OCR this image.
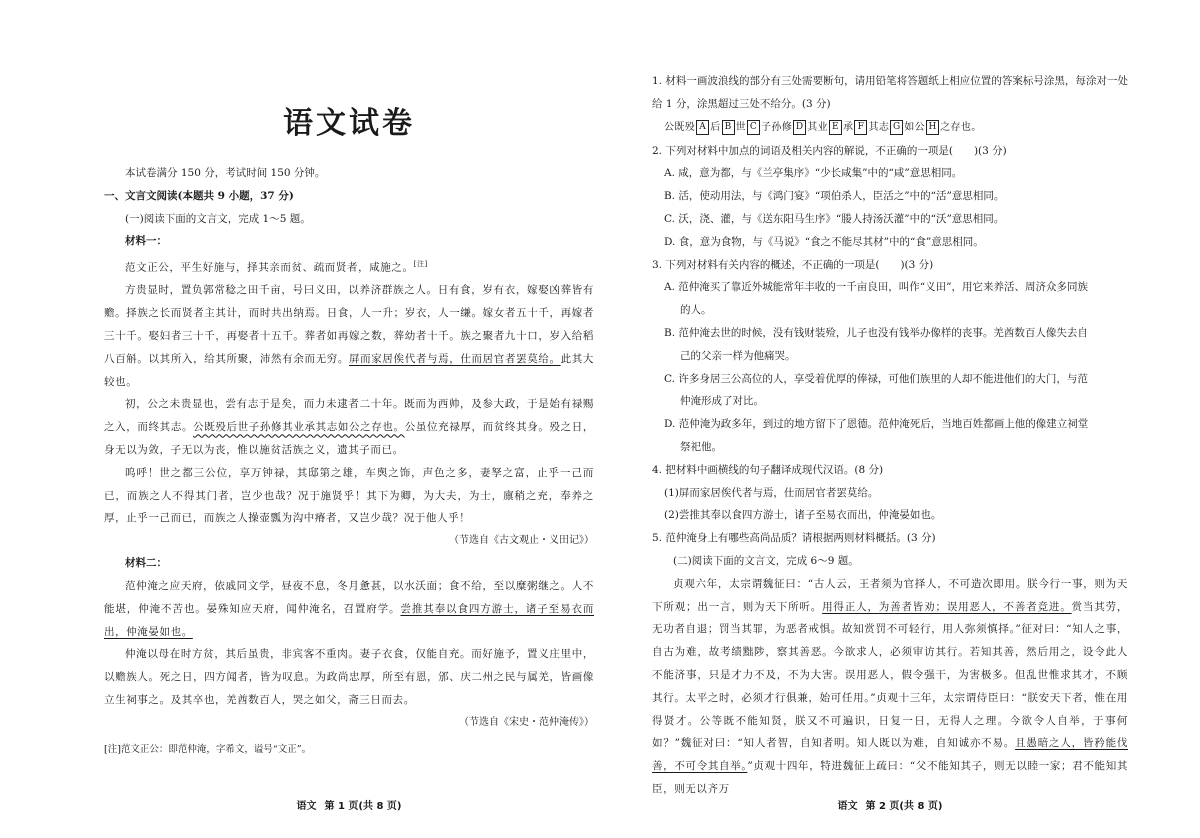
语文试卷

本试卷满分 150 分，考试时间 150 分钟。

一、文言文阅读(本题共 9 小题，37 分)

(一)阅读下面的文言文，完成 1～5 题。

材料一：

范文正公，平生好施与，择其亲而贫、疏而贤者，咸施之。[注]

方贵显时，置负郭常稔之田千亩，号曰义田，以养济群族之人。日有食，岁有衣，嫁娶凶葬皆有赡。择族之长而贤者主其计，而时共出纳焉。日食，人一升；岁衣，人一缣。嫁女者五十千，再嫁者三十千。娶妇者三十千，再娶者十五千。葬者如再嫁之数，葬幼者十千。族之聚者九十口，岁入给稻八百斛。以其所入，给其所聚，沛然有余而无穷。屏而家居俟代者与焉，仕而居官者罢莫给。此其大较也。

初，公之未贵显也，尝有志于是矣，而力未逮者二十年。既而为西帅，及参大政，于是始有禄赐之入，而终其志。公既殁后世子孙修其业承其志如公之存也。公虽位充禄厚，而贫终其身。殁之日，身无以为敛，子无以为丧，惟以施贫活族之义，遗其子而已。

呜呼！世之都三公位，享万钟禄，其邸第之雄，车舆之饰，声色之多，妻孥之富，止乎一己而已，而族之人不得其门者，岂少也哉？况于施贤乎！其下为卿，为大夫，为士，廪稍之充，奉养之厚，止乎一己而已，而族之人操壶瓢为沟中瘠者，又岂少哉？况于他人乎！

（节选自《古文观止・义田记》）

材料二：

范仲淹之应天府，依戚同文学，昼夜不息，冬月惫甚，以水沃面；食不给，至以糜粥继之。人不能堪，仲淹不苦也。晏殊知应天府，闻仲淹名，召置府学。尝推其奉以食四方游士，诸子至易衣而出，仲淹晏如也。

仲淹以母在时方贫，其后虽贵，非宾客不重肉。妻子衣食，仅能自充。而好施予，置义庄里中，以赡族人。死之日，四方闻者，皆为叹息。为政尚忠厚，所至有恩，邠、庆二州之民与属羌，皆画像立生祠事之。及其卒也，羌酋数百人，哭之如父，斋三日而去。

（节选自《宋史・范仲淹传》）
[注]范文正公：即范仲淹，字希文，谥号“文正”。
语文 第 1 页(共 8 页)

1. 材料一画波浪线的部分有三处需要断句，请用铅笔将答题纸上相应位置的答案标号涂黑，每涂对一处给 1 分，涂黑超过三处不给分。(3 分)

公既殁 A 后 B 世 C 子孙修 D 其业 E 承 F 其志 G 如公 H 之存也。

2. 下列对材料中加点的词语及相关内容的解说，不正确的一项是(　　)(3 分)

A. 咸，意为都，与《兰亭集序》“少长咸集”中的“咸”意思相同。

B. 活，使动用法，与《鸿门宴》“项伯杀人，臣活之”中的“活”意思相同。

C. 沃，浇、灌，与《送东阳马生序》“媵人持汤沃灌”中的“沃”意思相同。

D. 食，意为食物，与《马说》“食之不能尽其材”中的“食”意思相同。

3. 下列对材料有关内容的概述，不正确的一项是(　　)(3 分)

A. 范仲淹买了靠近外城能常年丰收的一千亩良田，叫作“义田”，用它来养活、周济众多同族

的人。

B. 范仲淹去世的时候，没有钱财装殓，儿子也没有钱举办像样的丧事。羌酋数百人像失去自

己的父亲一样为他痛哭。

C. 许多身居三公高位的人，享受着优厚的俸禄，可他们族里的人却不能进他们的大门，与范

仲淹形成了对比。

D. 范仲淹为政多年，到过的地方留下了恩德。范仲淹死后，当地百姓都画上他的像建立祠堂

祭祀他。

4. 把材料中画横线的句子翻译成现代汉语。(8 分)

(1)屏而家居俟代者与焉，仕而居官者罢莫给。

(2)尝推其奉以食四方游士，诸子至易衣而出，仲淹晏如也。

5. 范仲淹身上有哪些高尚品质？请根据两则材料概括。(3 分)

(二)阅读下面的文言文，完成 6～9 题。

贞观六年，太宗谓魏征曰：“古人云，王者须为官择人，不可造次即用。朕今行一事，则为天下所观；出一言，则为天下所听。用得正人，为善者皆劝；误用恶人，不善者竞进。赏当其劳，无功者自退；罚当其罪，为恶者戒惧。故知赏罚不可轻行，用人弥须慎择。”征对曰：“知人之事，自古为难，故考绩黜陟，察其善恶。今欲求人，必须审访其行。若知其善，然后用之，设令此人不能济事，只是才力不及，不为大害。误用恶人，假令强干，为害极多。但乱世惟求其才，不顾其行。太平之时，必须才行俱兼，始可任用。”贞观十三年，太宗谓侍臣曰：“朕安天下者，惟在用得贤才。公等既不能知贤，朕又不可遍识，日复一日，无得人之理。今欲令人自举，于事何如？”魏征对曰：“知人者智，自知者明。知人既以为难，自知诚亦不易。且愚暗之人，皆矜能伐善，不可令其自举。”贞观十四年，特进魏征上疏曰：“父不能知其子，则无以睦一家；君不能知其臣，则无以齐万

语文 第 2 页(共 8 页)
